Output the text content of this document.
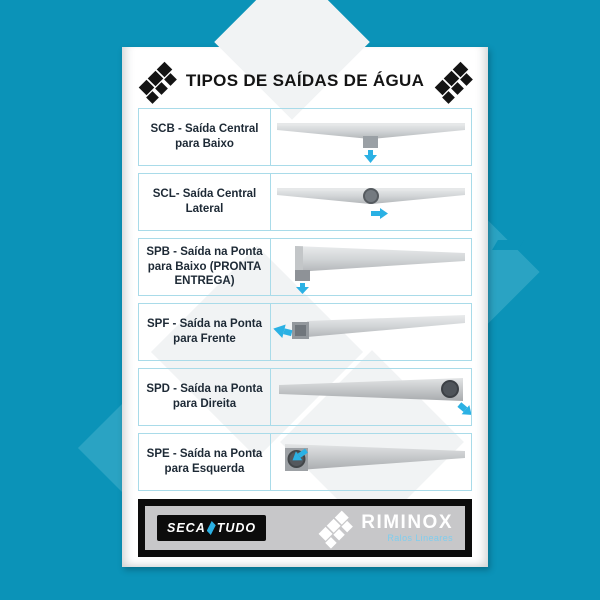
TIPOS DE SAÍDAS DE ÁGUA
SCB - Saída Central para Baixo
SCL- Saída Central Lateral
SPB - Saída na Ponta para Baixo (PRONTA ENTREGA)
SPF - Saída na Ponta para Frente
SPD - Saída na Ponta para Direita
SPE - Saída na Ponta para Esquerda
SECA TUDO	RIMINOX
Ralos Lineares
